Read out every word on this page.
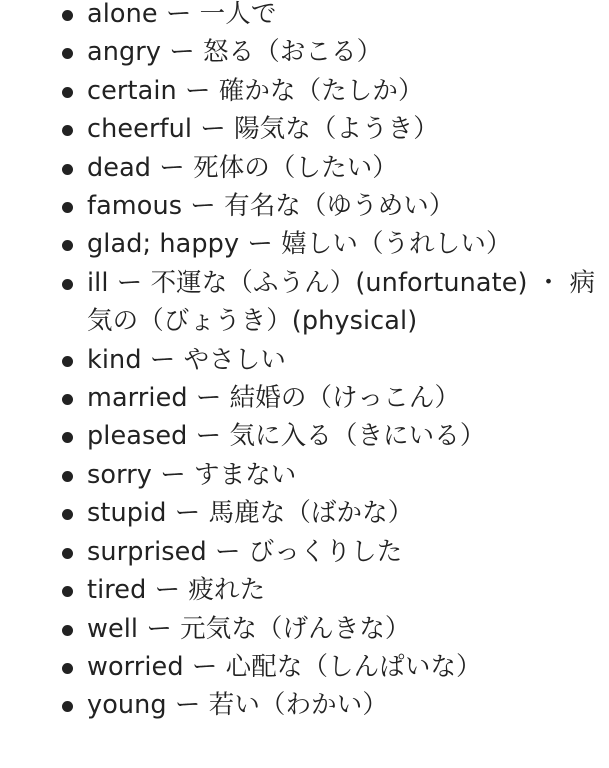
alone ー 一人で
angry ー 怒る（おこる）
certain ー 確かな（たしか）
cheerful ー 陽気な（ようき）
dead ー 死体の（したい）
famous ー 有名な（ゆうめい）
glad; happy ー 嬉しい（うれしい）
ill ー 不運な（ふうん）(unfortunate) ・ 病気の（びょうき）(physical)
kind ー やさしい
married ー 結婚の（けっこん）
pleased ー 気に入る（きにいる）
sorry ー すまない
stupid ー 馬鹿な（ばかな）
surprised ー びっくりした
tired ー 疲れた
well ー 元気な（げんきな）
worried ー 心配な（しんぱいな）
young ー 若い（わかい）
